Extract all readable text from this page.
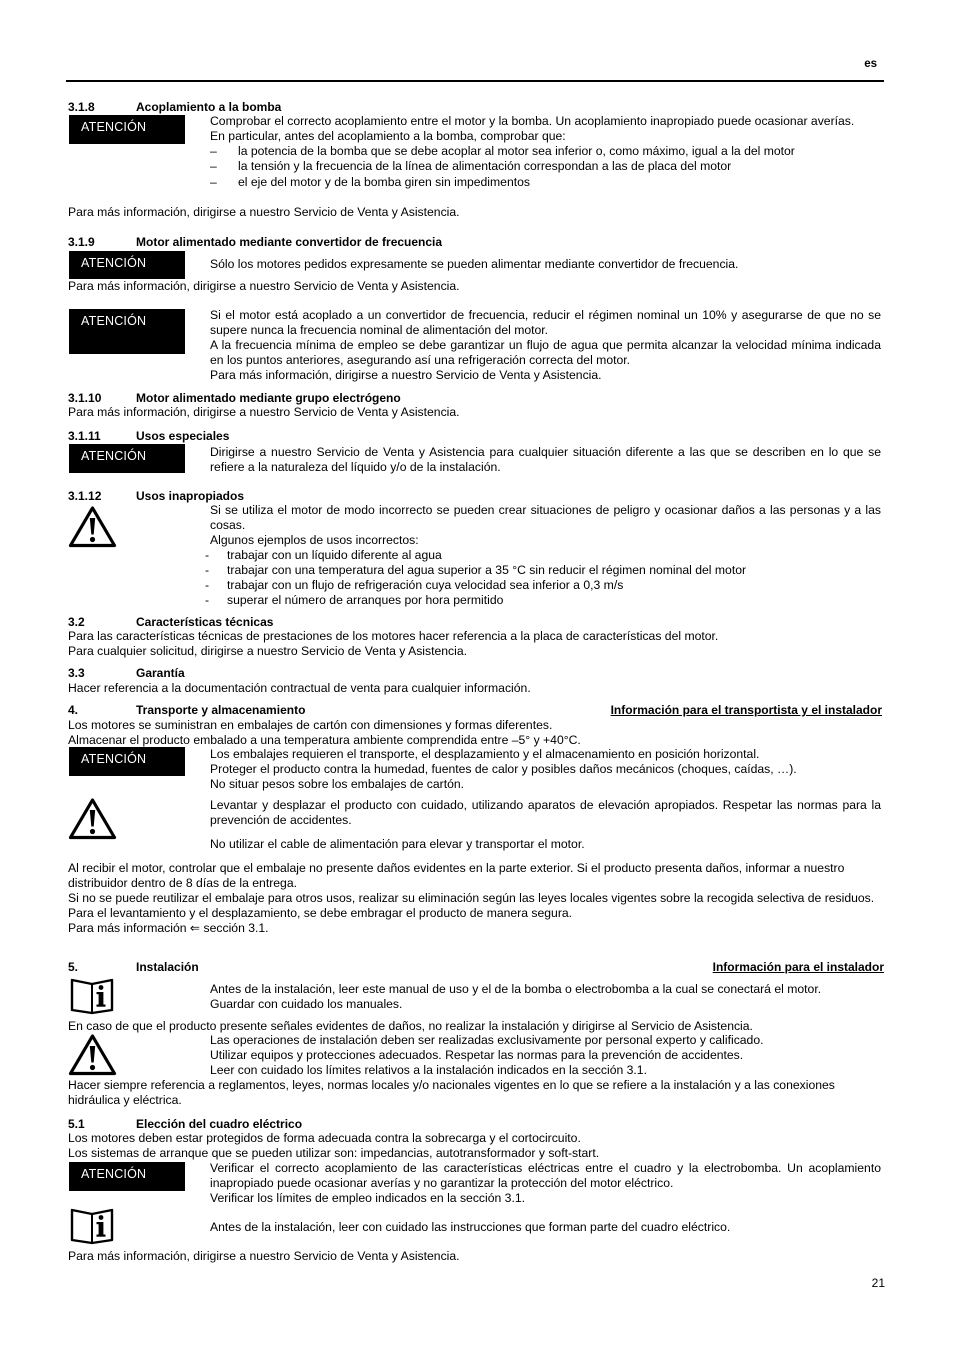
es
3.1.8	Acoplamiento a la bomba
ATENCIÓN	Comprobar el correcto acoplamiento entre el motor y la bomba. Un acoplamiento inapropiado puede ocasionar averías.
En particular, antes del acoplamiento a la bomba, comprobar que:
– la potencia de la bomba que se debe acoplar al motor sea inferior o, como máximo, igual a la del motor
– la tensión y la frecuencia de la línea de alimentación correspondan a las de placa del motor
– el eje del motor y de la bomba giren sin impedimentos
Para más información, dirigirse a nuestro Servicio de Venta y Asistencia.
3.1.9	Motor alimentado mediante convertidor de frecuencia
ATENCIÓN	Sólo los motores pedidos expresamente se pueden alimentar mediante convertidor de frecuencia.
Para más información, dirigirse a nuestro Servicio de Venta y Asistencia.
ATENCIÓN	Si el motor está acoplado a un convertidor de frecuencia, reducir el régimen nominal un 10% y asegurarse de que no se supere nunca la frecuencia nominal de alimentación del motor.
A la frecuencia mínima de empleo se debe garantizar un flujo de agua que permita alcanzar la velocidad mínima indicada en los puntos anteriores, asegurando así una refrigeración correcta del motor.
Para más información, dirigirse a nuestro Servicio de Venta y Asistencia.
3.1.10	Motor alimentado mediante grupo electrógeno
Para más información, dirigirse a nuestro Servicio de Venta y Asistencia.
3.1.11	Usos especiales
ATENCIÓN	Dirigirse a nuestro Servicio de Venta y Asistencia para cualquier situación diferente a las que se describen en lo que se refiere a la naturaleza del líquido y/o de la instalación.
3.1.12	Usos inapropiados
Si se utiliza el motor de modo incorrecto se pueden crear situaciones de peligro y ocasionar daños a las personas y a las cosas.
Algunos ejemplos de usos incorrectos:
- trabajar con un líquido diferente al agua
- trabajar con una temperatura del agua superior a 35 °C sin reducir el régimen nominal del motor
- trabajar con un flujo de refrigeración cuya velocidad sea inferior a 0,3 m/s
- superar el número de arranques por hora permitido
3.2	Características técnicas
Para las características técnicas de prestaciones de los motores hacer referencia a la placa de características del motor.
Para cualquier solicitud, dirigirse a nuestro Servicio de Venta y Asistencia.
3.3	Garantía
Hacer referencia a la documentación contractual de venta para cualquier información.
4.	Transporte y almacenamiento	Información para el transportista y el instalador
Los motores se suministran en embalajes de cartón con dimensiones y formas diferentes.
Almacenar el producto embalado a una temperatura ambiente comprendida entre –5° y +40°C.
ATENCIÓN	Los embalajes requieren el transporte, el desplazamiento y el almacenamiento en posición horizontal.
Proteger el producto contra la humedad, fuentes de calor y posibles daños mecánicos (choques, caídas, …).
No situar pesos sobre los embalajes de cartón.
Levantar y desplazar el producto con cuidado, utilizando aparatos de elevación apropiados. Respetar las normas para la prevención de accidentes.
No utilizar el cable de alimentación para elevar y transportar el motor.
Al recibir el motor, controlar que el embalaje no presente daños evidentes en la parte exterior. Si el producto presenta daños, informar a nuestro distribuidor dentro de 8 días de la entrega.
Si no se puede reutilizar el embalaje para otros usos, realizar su eliminación según las leyes locales vigentes sobre la recogida selectiva de residuos.
Para el levantamiento y el desplazamiento, se debe embragar el producto de manera segura.
Para más información ⇐ sección 3.1.
5.	Instalación	Información para el instalador
Antes de la instalación, leer este manual de uso y el de la bomba o electrobomba a la cual se conectará el motor.
Guardar con cuidado los manuales.
En caso de que el producto presente señales evidentes de daños, no realizar la instalación y dirigirse al Servicio de Asistencia.
Las operaciones de instalación deben ser realizadas exclusivamente por personal experto y calificado.
Utilizar equipos y protecciones adecuados. Respetar las normas para la prevención de accidentes.
Leer con cuidado los límites relativos a la instalación indicados en la sección 3.1.
Hacer siempre referencia a reglamentos, leyes, normas locales y/o nacionales vigentes en lo que se refiere a la instalación y a las conexiones hidráulica y eléctrica.
5.1	Elección del cuadro eléctrico
Los motores deben estar protegidos de forma adecuada contra la sobrecarga y el cortocircuito.
Los sistemas de arranque que se pueden utilizar son: impedancias, autotransformador y soft-start.
ATENCIÓN	Verificar el correcto acoplamiento de las características eléctricas entre el cuadro y la electrobomba. Un acoplamiento inapropiado puede ocasionar averías y no garantizar la protección del motor eléctrico.
Verificar los límites de empleo indicados en la sección 3.1.
Antes de la instalación, leer con cuidado las instrucciones que forman parte del cuadro eléctrico.
Para más información, dirigirse a nuestro Servicio de Venta y Asistencia.
21
